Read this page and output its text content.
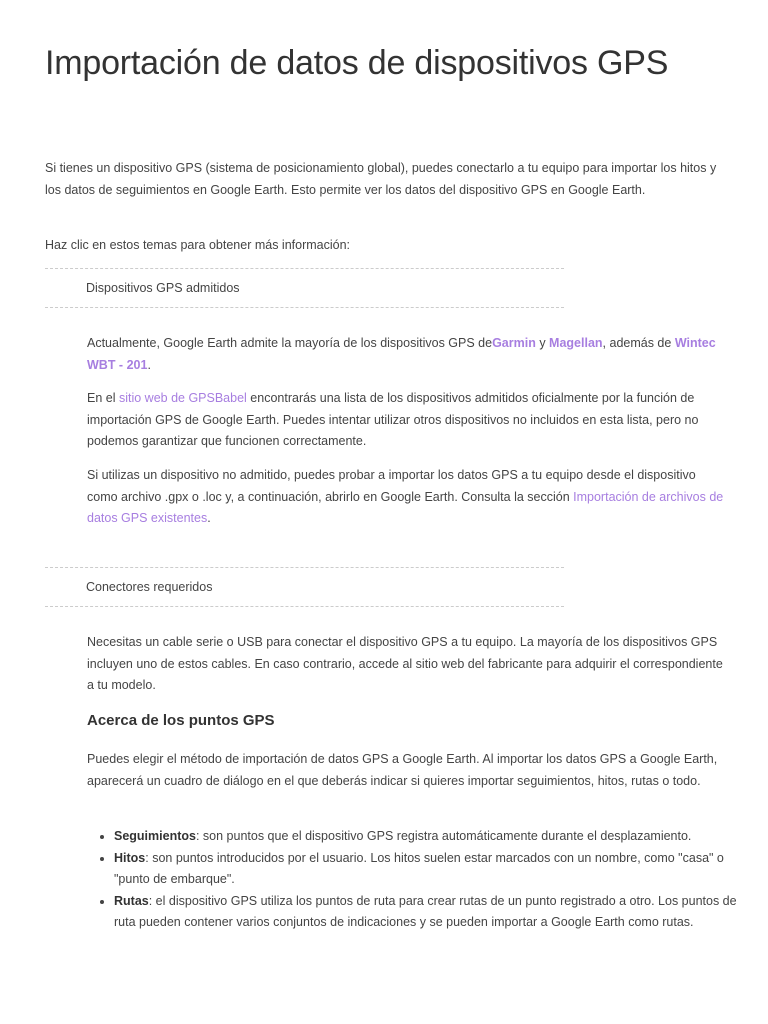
Importación de datos de dispositivos GPS

Si tienes un dispositivo GPS (sistema de posicionamiento global), puedes conectarlo a tu equipo para importar los hitos y los datos de seguimientos en Google Earth. Esto permite ver los datos del dispositivo GPS en Google Earth.

Haz clic en estos temas para obtener más información:

Dispositivos GPS admitidos

Actualmente, Google Earth admite la mayoría de los dispositivos GPS deGarmin y Magellan, además de Wintec WBT - 201.

En el sitio web de GPSBabel encontrarás una lista de los dispositivos admitidos oficialmente por la función de importación GPS de Google Earth. Puedes intentar utilizar otros dispositivos no incluidos en esta lista, pero no podemos garantizar que funcionen correctamente.

Si utilizas un dispositivo no admitido, puedes probar a importar los datos GPS a tu equipo desde el dispositivo como archivo .gpx o .loc y, a continuación, abrirlo en Google Earth. Consulta la sección Importación de archivos de datos GPS existentes.

Conectores requeridos

Necesitas un cable serie o USB para conectar el dispositivo GPS a tu equipo. La mayoría de los dispositivos GPS incluyen uno de estos cables. En caso contrario, accede al sitio web del fabricante para adquirir el correspondiente a tu modelo.

Acerca de los puntos GPS

Puedes elegir el método de importación de datos GPS a Google Earth. Al importar los datos GPS a Google Earth, aparecerá un cuadro de diálogo en el que deberás indicar si quieres importar seguimientos, hitos, rutas o todo.

• Seguimientos: son puntos que el dispositivo GPS registra automáticamente durante el desplazamiento.
• Hitos: son puntos introducidos por el usuario. Los hitos suelen estar marcados con un nombre, como "casa" o "punto de embarque".
• Rutas: el dispositivo GPS utiliza los puntos de ruta para crear rutas de un punto registrado a otro. Los puntos de ruta pueden contener varios conjuntos de indicaciones y se pueden importar a Google Earth como rutas.
